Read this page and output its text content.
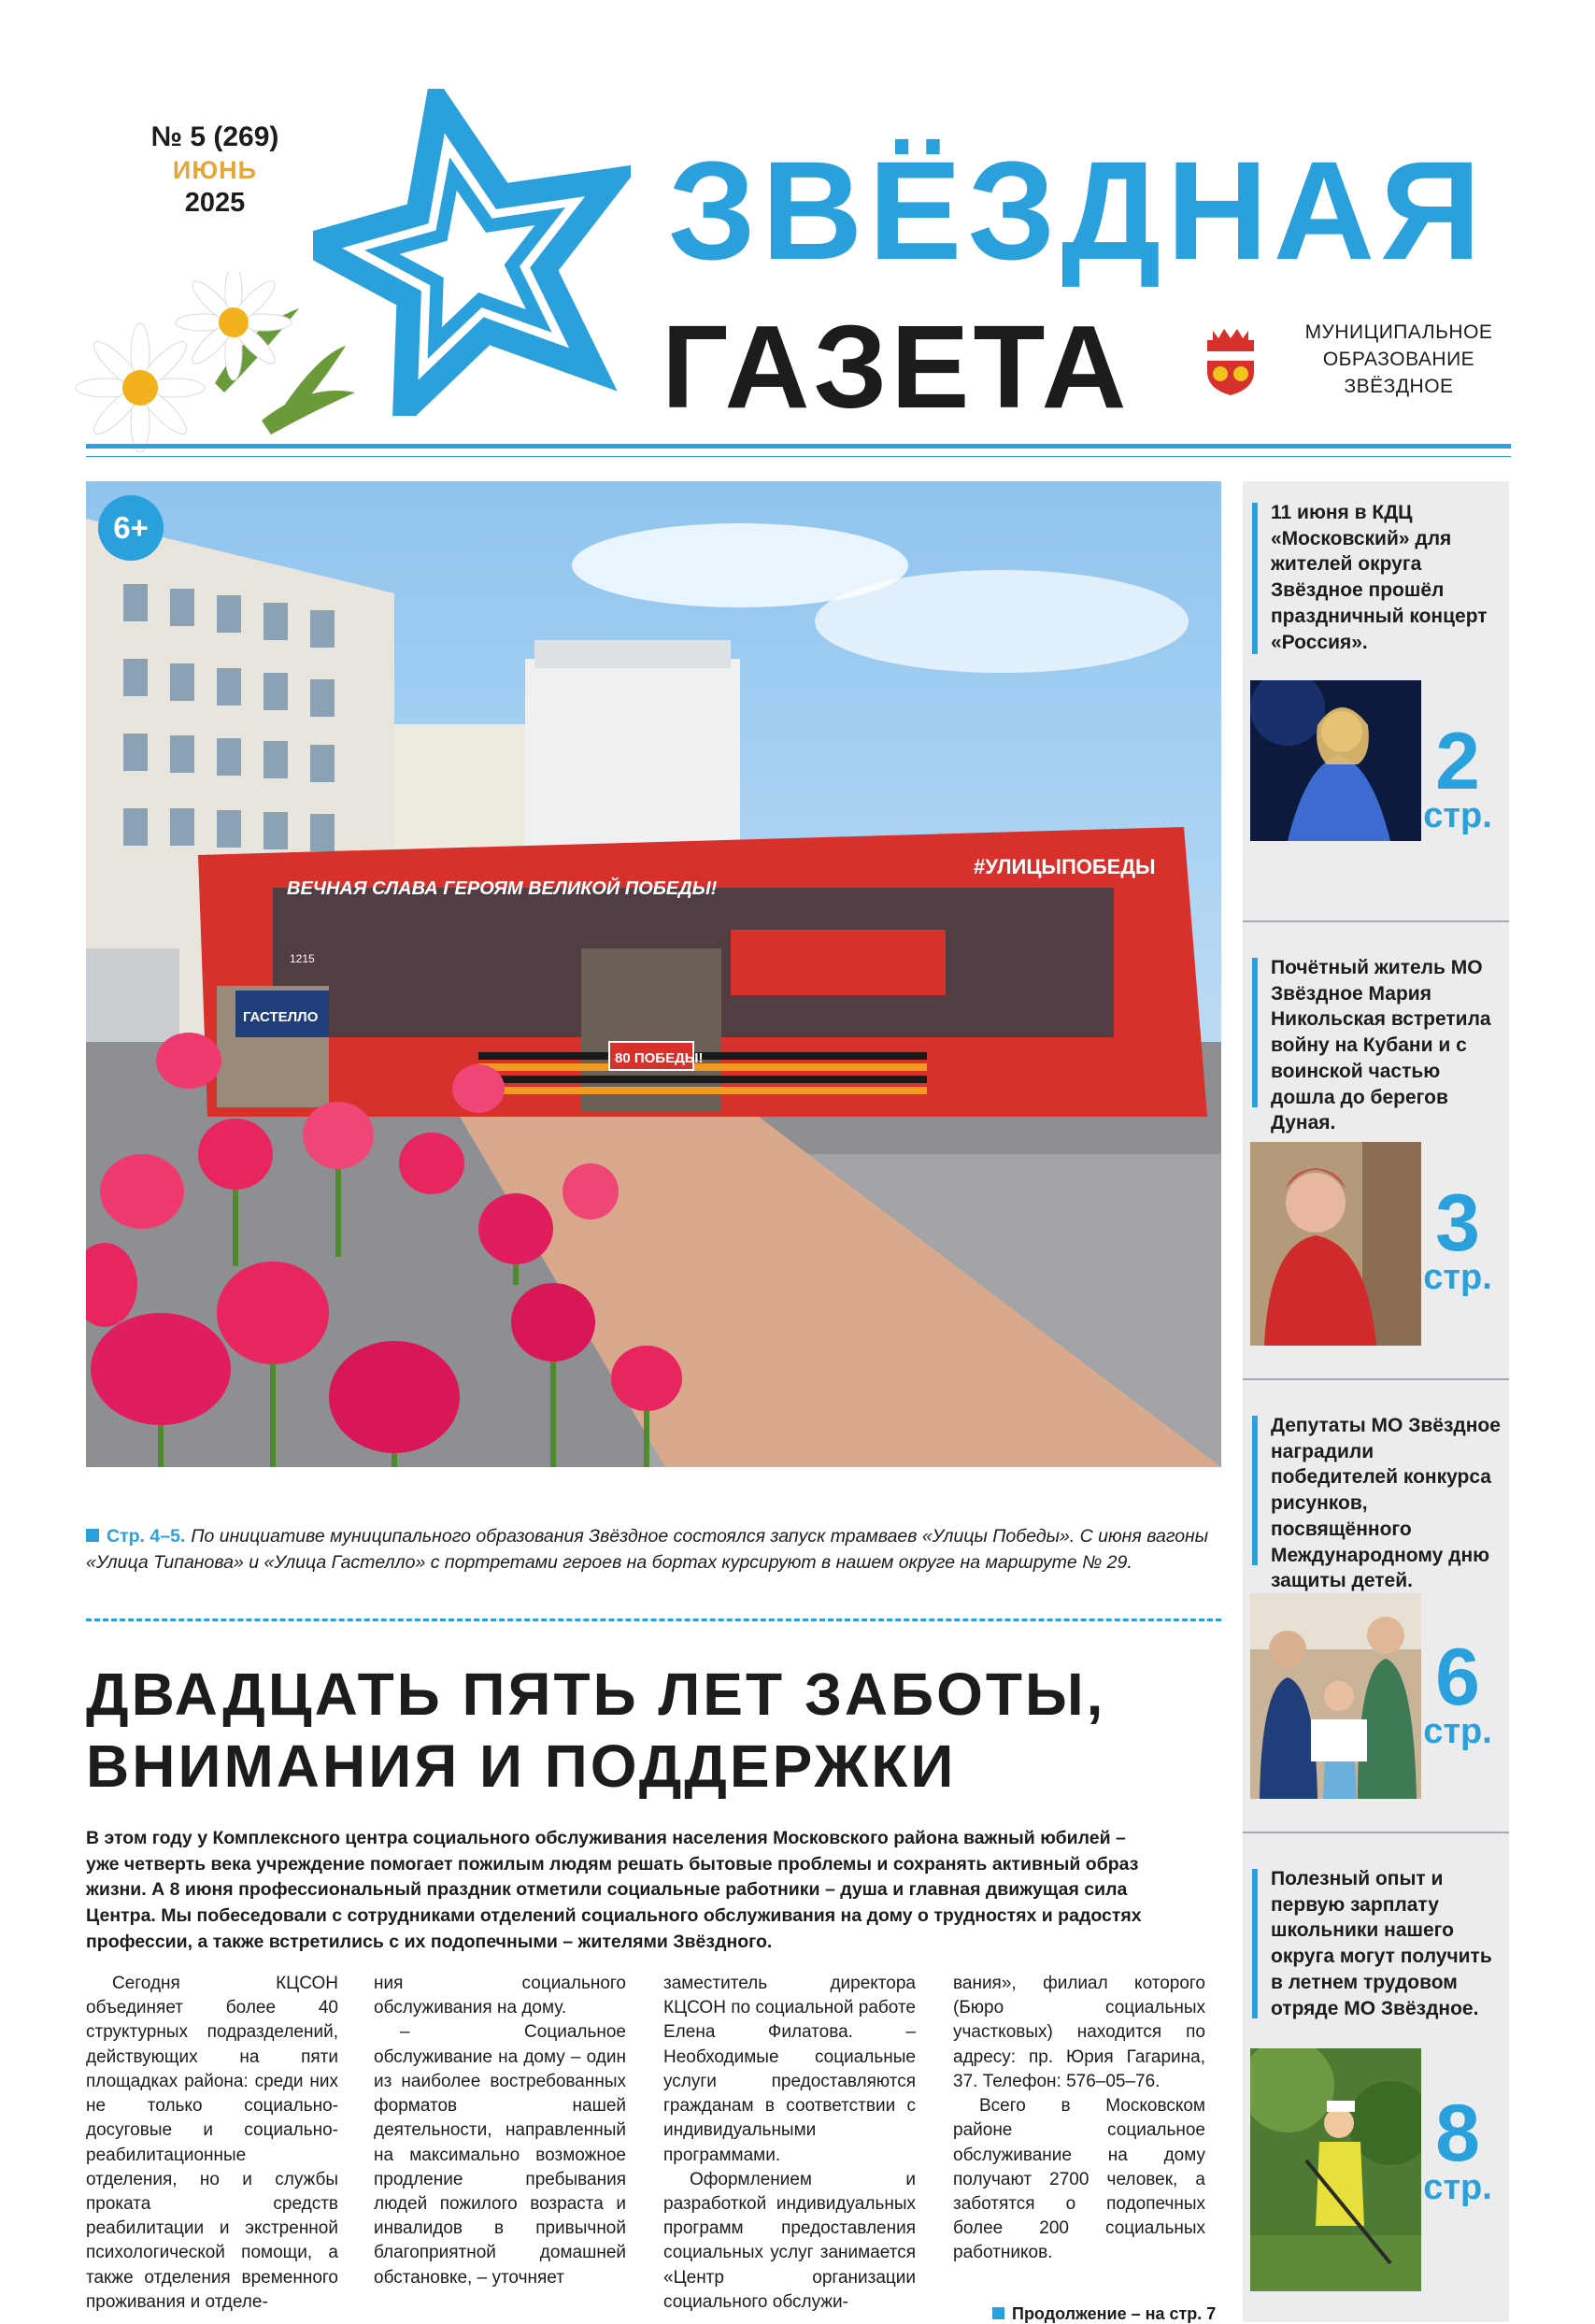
№ 5 (269)
ИЮНЬ
2025	ЗВЁЗДНАЯ
ГАЗЕТА	МУНИЦИПАЛЬНОЕ
ОБРАЗОВАНИЕ
ЗВЁЗДНОЕ
ВЕЧНАЯ СЛАВА ГЕРОЯМ ВЕЛИКОЙ ПОБЕДЫ!
#УЛИЦЫПОБЕДЫ
ГАСТЕЛЛО
80 ПОБЕДЫ!
1215
6+
Стр. 4–5. По инициативе муниципального образования Звёздное состоялся запуск трамваев «Улицы Победы». С июня вагоны «Улица Типанова» и «Улица Гастелло» с портретами героев на бортах курсируют в нашем округе на маршруте № 29.
ДВАДЦАТЬ ПЯТЬ ЛЕТ ЗАБОТЫ,
ВНИМАНИЯ И ПОДДЕРЖКИ
В этом году у Комплексного центра социального обслуживания населения Московского района важный юбилей – уже четверть века учреждение помогает пожилым людям решать бытовые проблемы и сохранять активный образ жизни. А 8 июня профессиональный праздник отметили социальные работники – душа и главная движущая сила Центра. Мы побеседовали с сотрудниками отделений социального обслуживания на дому о трудностях и радостях профессии, а также встретились с их подопечными – жителями Звёздного.

Сегодня КЦСОН объединяет более 40 структурных подразделений, действующих на пяти площадках района: среди них не только социально-досуговые и социально-реабилитационные отделения, но и службы проката средств реабилитации и экстренной психологической помощи, а также отделения временного проживания и отделе-

ния социального обслуживания на дому.

– Социальное обслуживание на дому – один из наиболее востребованных форматов нашей деятельности, направленный на максимально возможное продление пребывания людей пожилого возраста и инвалидов в привычной благоприятной домашней обстановке, – уточняет

заместитель директора КЦСОН по социальной работе Елена Филатова. – Необходимые социальные услуги предоставляются гражданам в соответствии с индивидуальными программами.

Оформлением и разработкой индивидуальных программ предоставления социальных услуг занимается «Центр организации социального обслужи-

вания», филиал которого (Бюро социальных участковых) находится по адресу: пр. Юрия Гагарина, 37. Телефон: 576–05–76.

Всего в Московском районе социальное обслуживание на дому получают 2700 человек, а заботятся о подопечных более 200 социальных работников.

Продолжение – на стр. 7
11 июня в КДЦ «Московский» для жителей округа Звёздное прошёл праздничный концерт «Россия».
2
стр.
Почётный житель МО Звёздное Мария Никольская встретила войну на Кубани и с воинской частью дошла до берегов Дуная.
3
стр.
Депутаты МО Звёздное наградили победителей конкурса рисунков, посвящённого Международному дню защиты детей.
6
стр.
Полезный опыт и первую зарплату школьники нашего округа могут получить в летнем трудовом отряде МО Звёздное.
8
стр.
